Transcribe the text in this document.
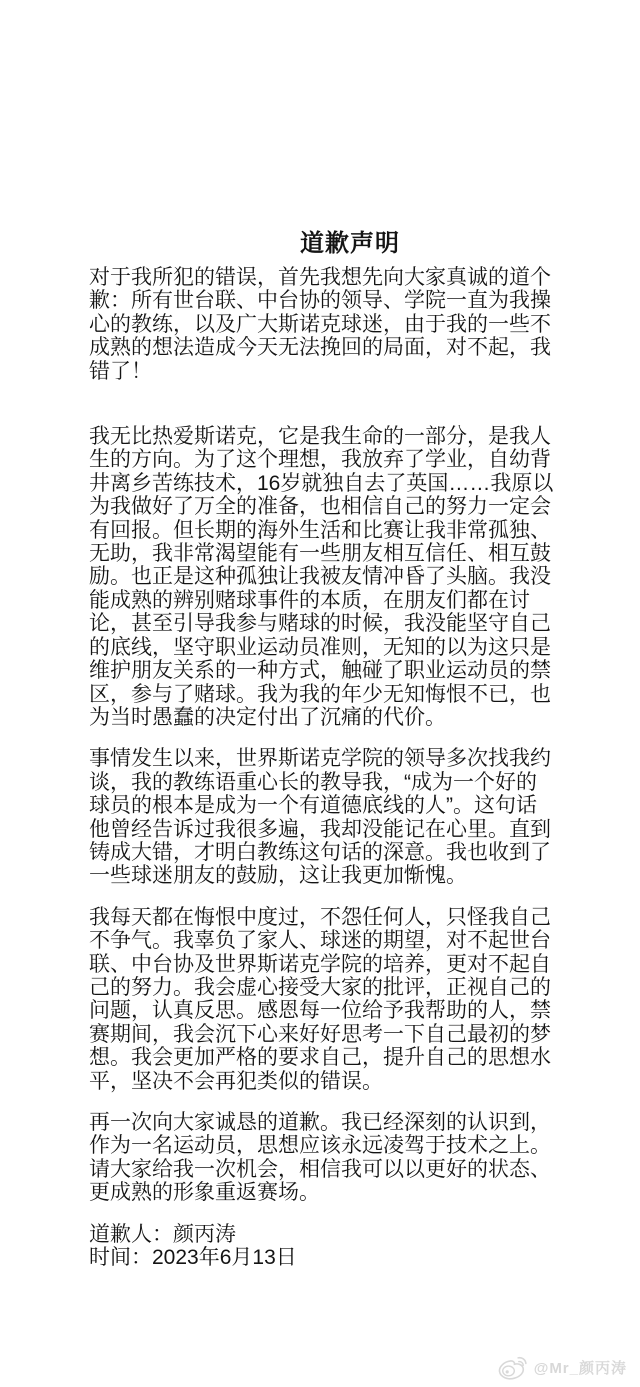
道歉声明

对于我所犯的错误，首先我想先向大家真诚的道个歉：所有世台联、中台协的领导、学院一直为我操心的教练，以及广大斯诺克球迷，由于我的一些不成熟的想法造成今天无法挽回的局面，对不起，我错了！

我无比热爱斯诺克，它是我生命的一部分，是我人生的方向。为了这个理想，我放弃了学业，自幼背井离乡苦练技术，16岁就独自去了英国……我原以为我做好了万全的准备，也相信自己的努力一定会有回报。但长期的海外生活和比赛让我非常孤独、无助，我非常渴望能有一些朋友相互信任、相互鼓励。也正是这种孤独让我被友情冲昏了头脑。我没能成熟的辨别赌球事件的本质，在朋友们都在讨论，甚至引导我参与赌球的时候，我没能坚守自己的底线，坚守职业运动员准则，无知的以为这只是维护朋友关系的一种方式，触碰了职业运动员的禁区，参与了赌球。我为我的年少无知悔恨不已，也为当时愚蠢的决定付出了沉痛的代价。

事情发生以来，世界斯诺克学院的领导多次找我约谈，我的教练语重心长的教导我，“成为一个好的球员的根本是成为一个有道德底线的人”。这句话他曾经告诉过我很多遍，我却没能记在心里。直到铸成大错，才明白教练这句话的深意。我也收到了一些球迷朋友的鼓励，这让我更加惭愧。

我每天都在悔恨中度过，不怨任何人，只怪我自己不争气。我辜负了家人、球迷的期望，对不起世台联、中台协及世界斯诺克学院的培养，更对不起自己的努力。我会虚心接受大家的批评，正视自己的问题，认真反思。感恩每一位给予我帮助的人，禁赛期间，我会沉下心来好好思考一下自己最初的梦想。我会更加严格的要求自己，提升自己的思想水平，坚决不会再犯类似的错误。

再一次向大家诚恳的道歉。我已经深刻的认识到，作为一名运动员，思想应该永远凌驾于技术之上。请大家给我一次机会，相信我可以以更好的状态、更成熟的形象重返赛场。

道歉人：颜丙涛

时间：2023年6月13日

@Mr_颜丙涛
